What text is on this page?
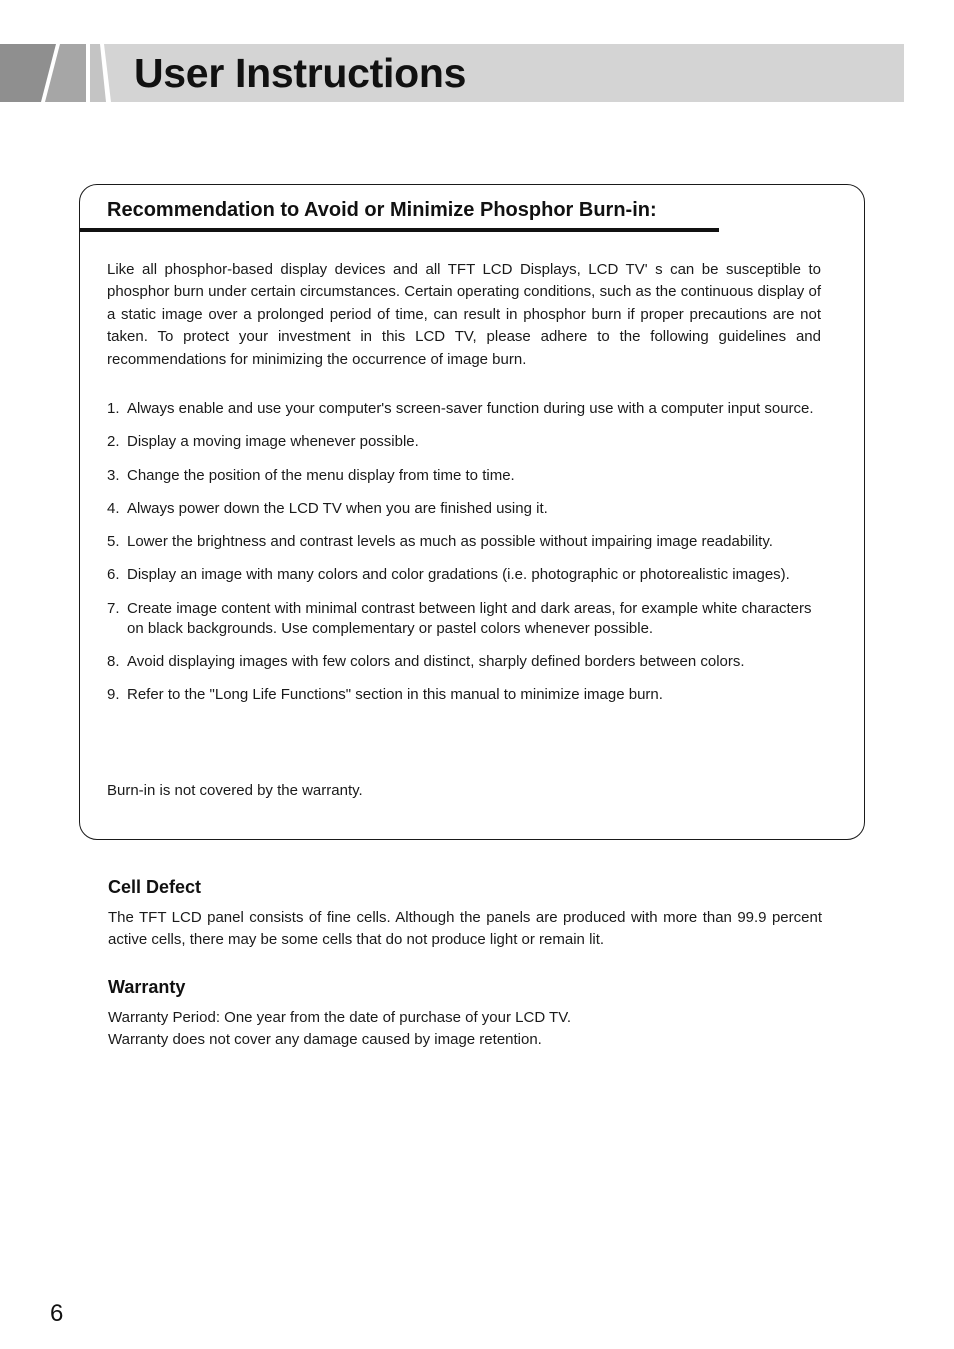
User Instructions
Recommendation to Avoid or Minimize Phosphor Burn-in:

Like all phosphor-based display devices and all TFT LCD Displays, LCD TV' s can be susceptible to phosphor burn under certain circumstances. Certain operating conditions, such as the continuous display of a static image over a prolonged period of time, can result in phosphor burn if proper precautions are not taken. To protect your investment in this LCD TV, please adhere to the following guidelines and recommendations for minimizing the occurrence of image burn.

1. Always enable and use your computer's screen-saver function during use with a computer input source.
2. Display a moving image whenever possible.
3. Change the position of the menu display from time to time.
4. Always power down the LCD TV when you are finished using it.
5. Lower the brightness and contrast levels as much as possible without impairing image readability.
6. Display an image with many colors and color gradations (i.e. photographic or photorealistic images).
7. Create image content with minimal contrast between light and dark areas, for example white characters on black backgrounds. Use complementary or pastel colors whenever possible.
8. Avoid displaying images with few colors and distinct, sharply defined borders between colors.
9. Refer to the "Long Life Functions" section in this manual to minimize image burn.

Burn-in is not covered by the warranty.

Cell Defect

The TFT LCD panel consists of fine cells. Although the panels are produced with more than 99.9 percent active cells, there may be some cells that do not produce light or remain lit.

Warranty

Warranty Period: One year from the date of purchase of your LCD TV.

Warranty does not cover any damage caused by image retention.

6
